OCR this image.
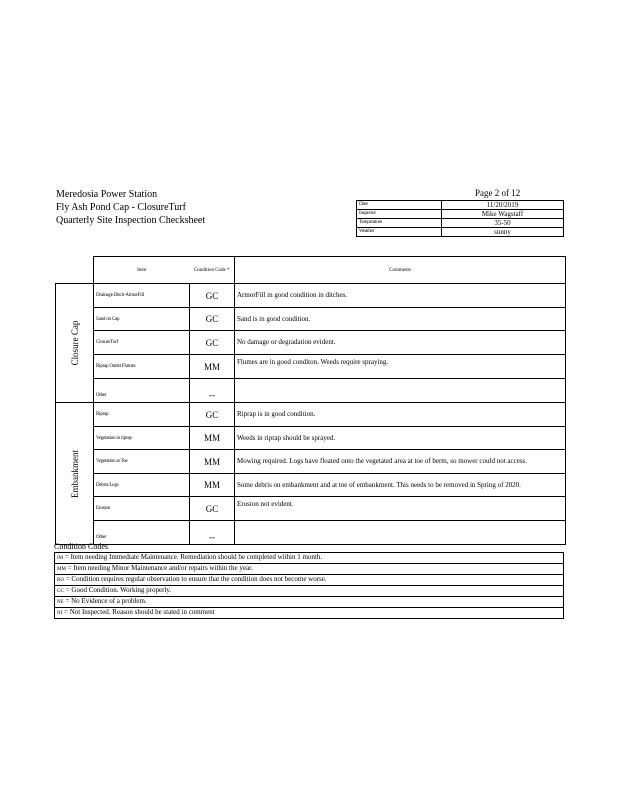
Meredosia Power Station
Fly Ash Pond Cap - ClosureTurf
Quarterly Site Inspection Checksheet
Page 2 of 12
Date	11/20/2019
Inspector	Mike Wagstaff
Temperature	35-50
Weather	sunny
	Item	Condition Code *	Comments

Closure Cap	Drainage Ditch-ArmorFill	GC	ArmorFill in good condition in ditches.
	Sand on Cap	GC	Sand is in good condition.
	ClosureTurf	GC	No damage or degradation evident.
	Riprap Outlet Flumes	MM	Flumes are in good conditon. Weeds require spraying.
	Other	--	

Embankment	Riprap	GC	Riprap is in good condition.
	Vegetation in riprap	MM	Weeds in riprap should be sprayed.
	Vegetation at Toe	MM	Mowing required. Logs have floated onto the vegetated area at toe of berm, so mower could not access.
	Debris/Logs	MM	Some debris on embankment and at toe of embankment. This needs to be removed in Spring of 2020.
	Erosion	GC	Erosion not evident.
	Other	--	
Condition Codes
IM = Item needing Immediate Maintenance. Remediation should be completed within 1 month.
MM = Item needing Minor Maintenance and/or repairs within the year.
RO = Condition requires regular observation to ensure that the condition does not become worse.
GC = Good Condition. Working properly.
NE = No Evidence of a problem.
NI = Not Inspected. Reason should be stated in comment
